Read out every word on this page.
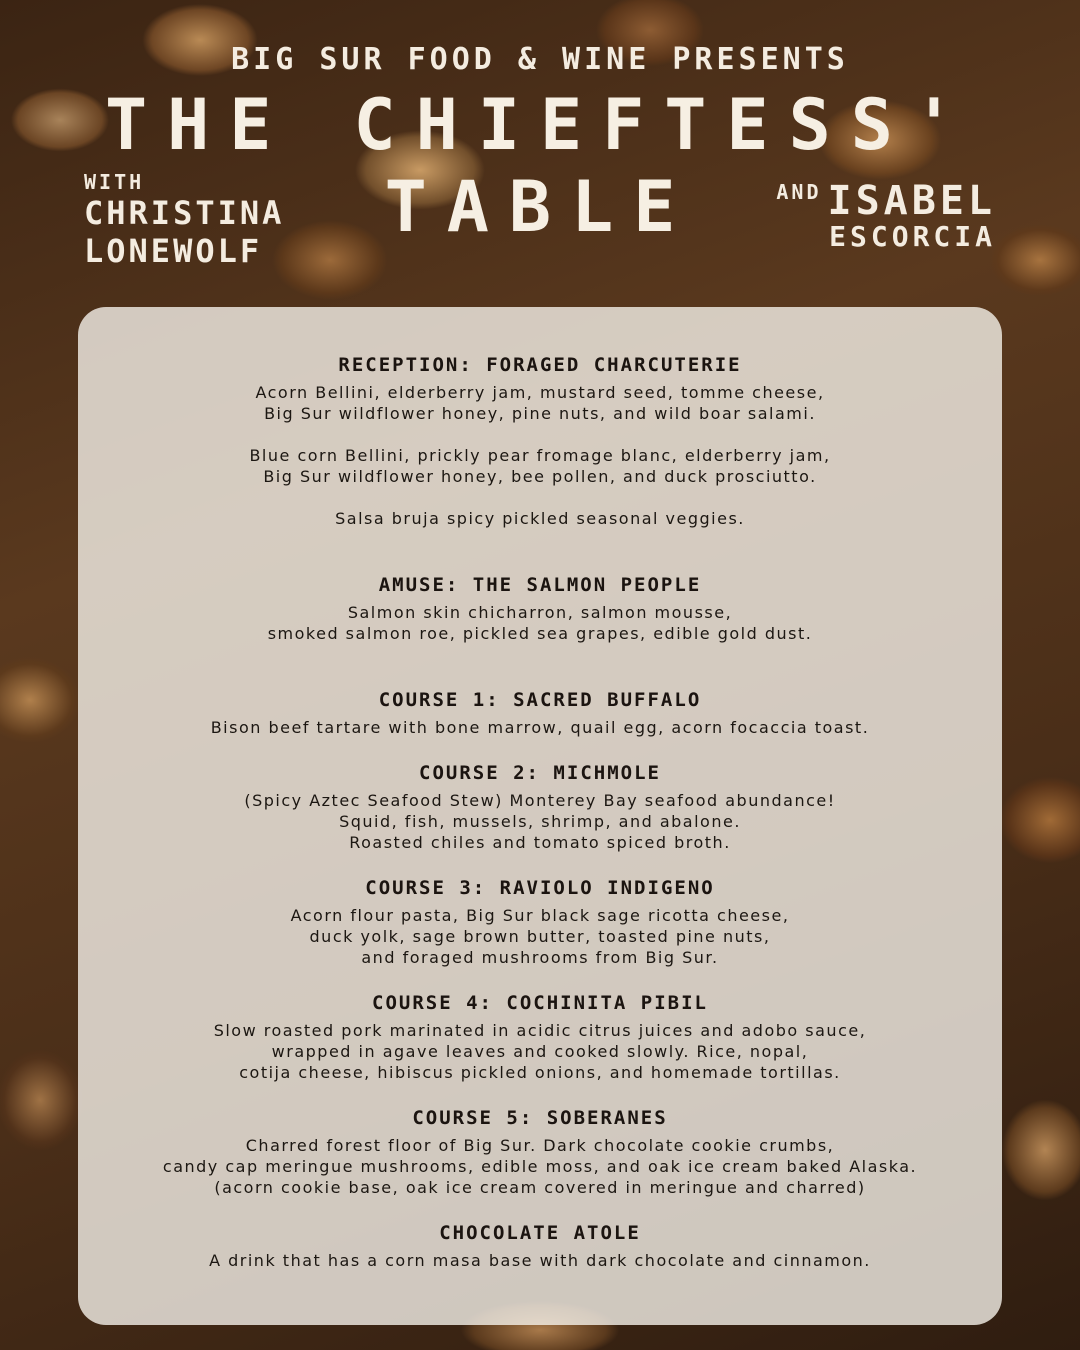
BIG SUR FOOD & WINE PRESENTS
THE CHIEFTESS' TABLE
WITH
CHRISTINA
LONEWOLF
AND ISABEL
ESCORCIA
RECEPTION: FORAGED CHARCUTERIE
Acorn Bellini, elderberry jam, mustard seed, tomme cheese,
Big Sur wildflower honey, pine nuts, and wild boar salami.
Blue corn Bellini, prickly pear fromage blanc, elderberry jam,
Big Sur wildflower honey, bee pollen, and duck prosciutto.
Salsa bruja spicy pickled seasonal veggies.
AMUSE: THE SALMON PEOPLE
Salmon skin chicharron, salmon mousse,
smoked salmon roe, pickled sea grapes, edible gold dust.
COURSE 1: SACRED BUFFALO
Bison beef tartare with bone marrow, quail egg, acorn focaccia toast.
COURSE 2: MICHMOLE
(Spicy Aztec Seafood Stew) Monterey Bay seafood abundance!
Squid, fish, mussels, shrimp, and abalone.
Roasted chiles and tomato spiced broth.
COURSE 3: RAVIOLO INDIGENO
Acorn flour pasta, Big Sur black sage ricotta cheese,
duck yolk, sage brown butter, toasted pine nuts,
and foraged mushrooms from Big Sur.
COURSE 4: COCHINITA PIBIL
Slow roasted pork marinated in acidic citrus juices and adobo sauce,
wrapped in agave leaves and cooked slowly. Rice, nopal,
cotija cheese, hibiscus pickled onions, and homemade tortillas.
COURSE 5: SOBERANES
Charred forest floor of Big Sur. Dark chocolate cookie crumbs,
candy cap meringue mushrooms, edible moss, and oak ice cream baked Alaska.
(acorn cookie base, oak ice cream covered in meringue and charred)
CHOCOLATE ATOLE
A drink that has a corn masa base with dark chocolate and cinnamon.
